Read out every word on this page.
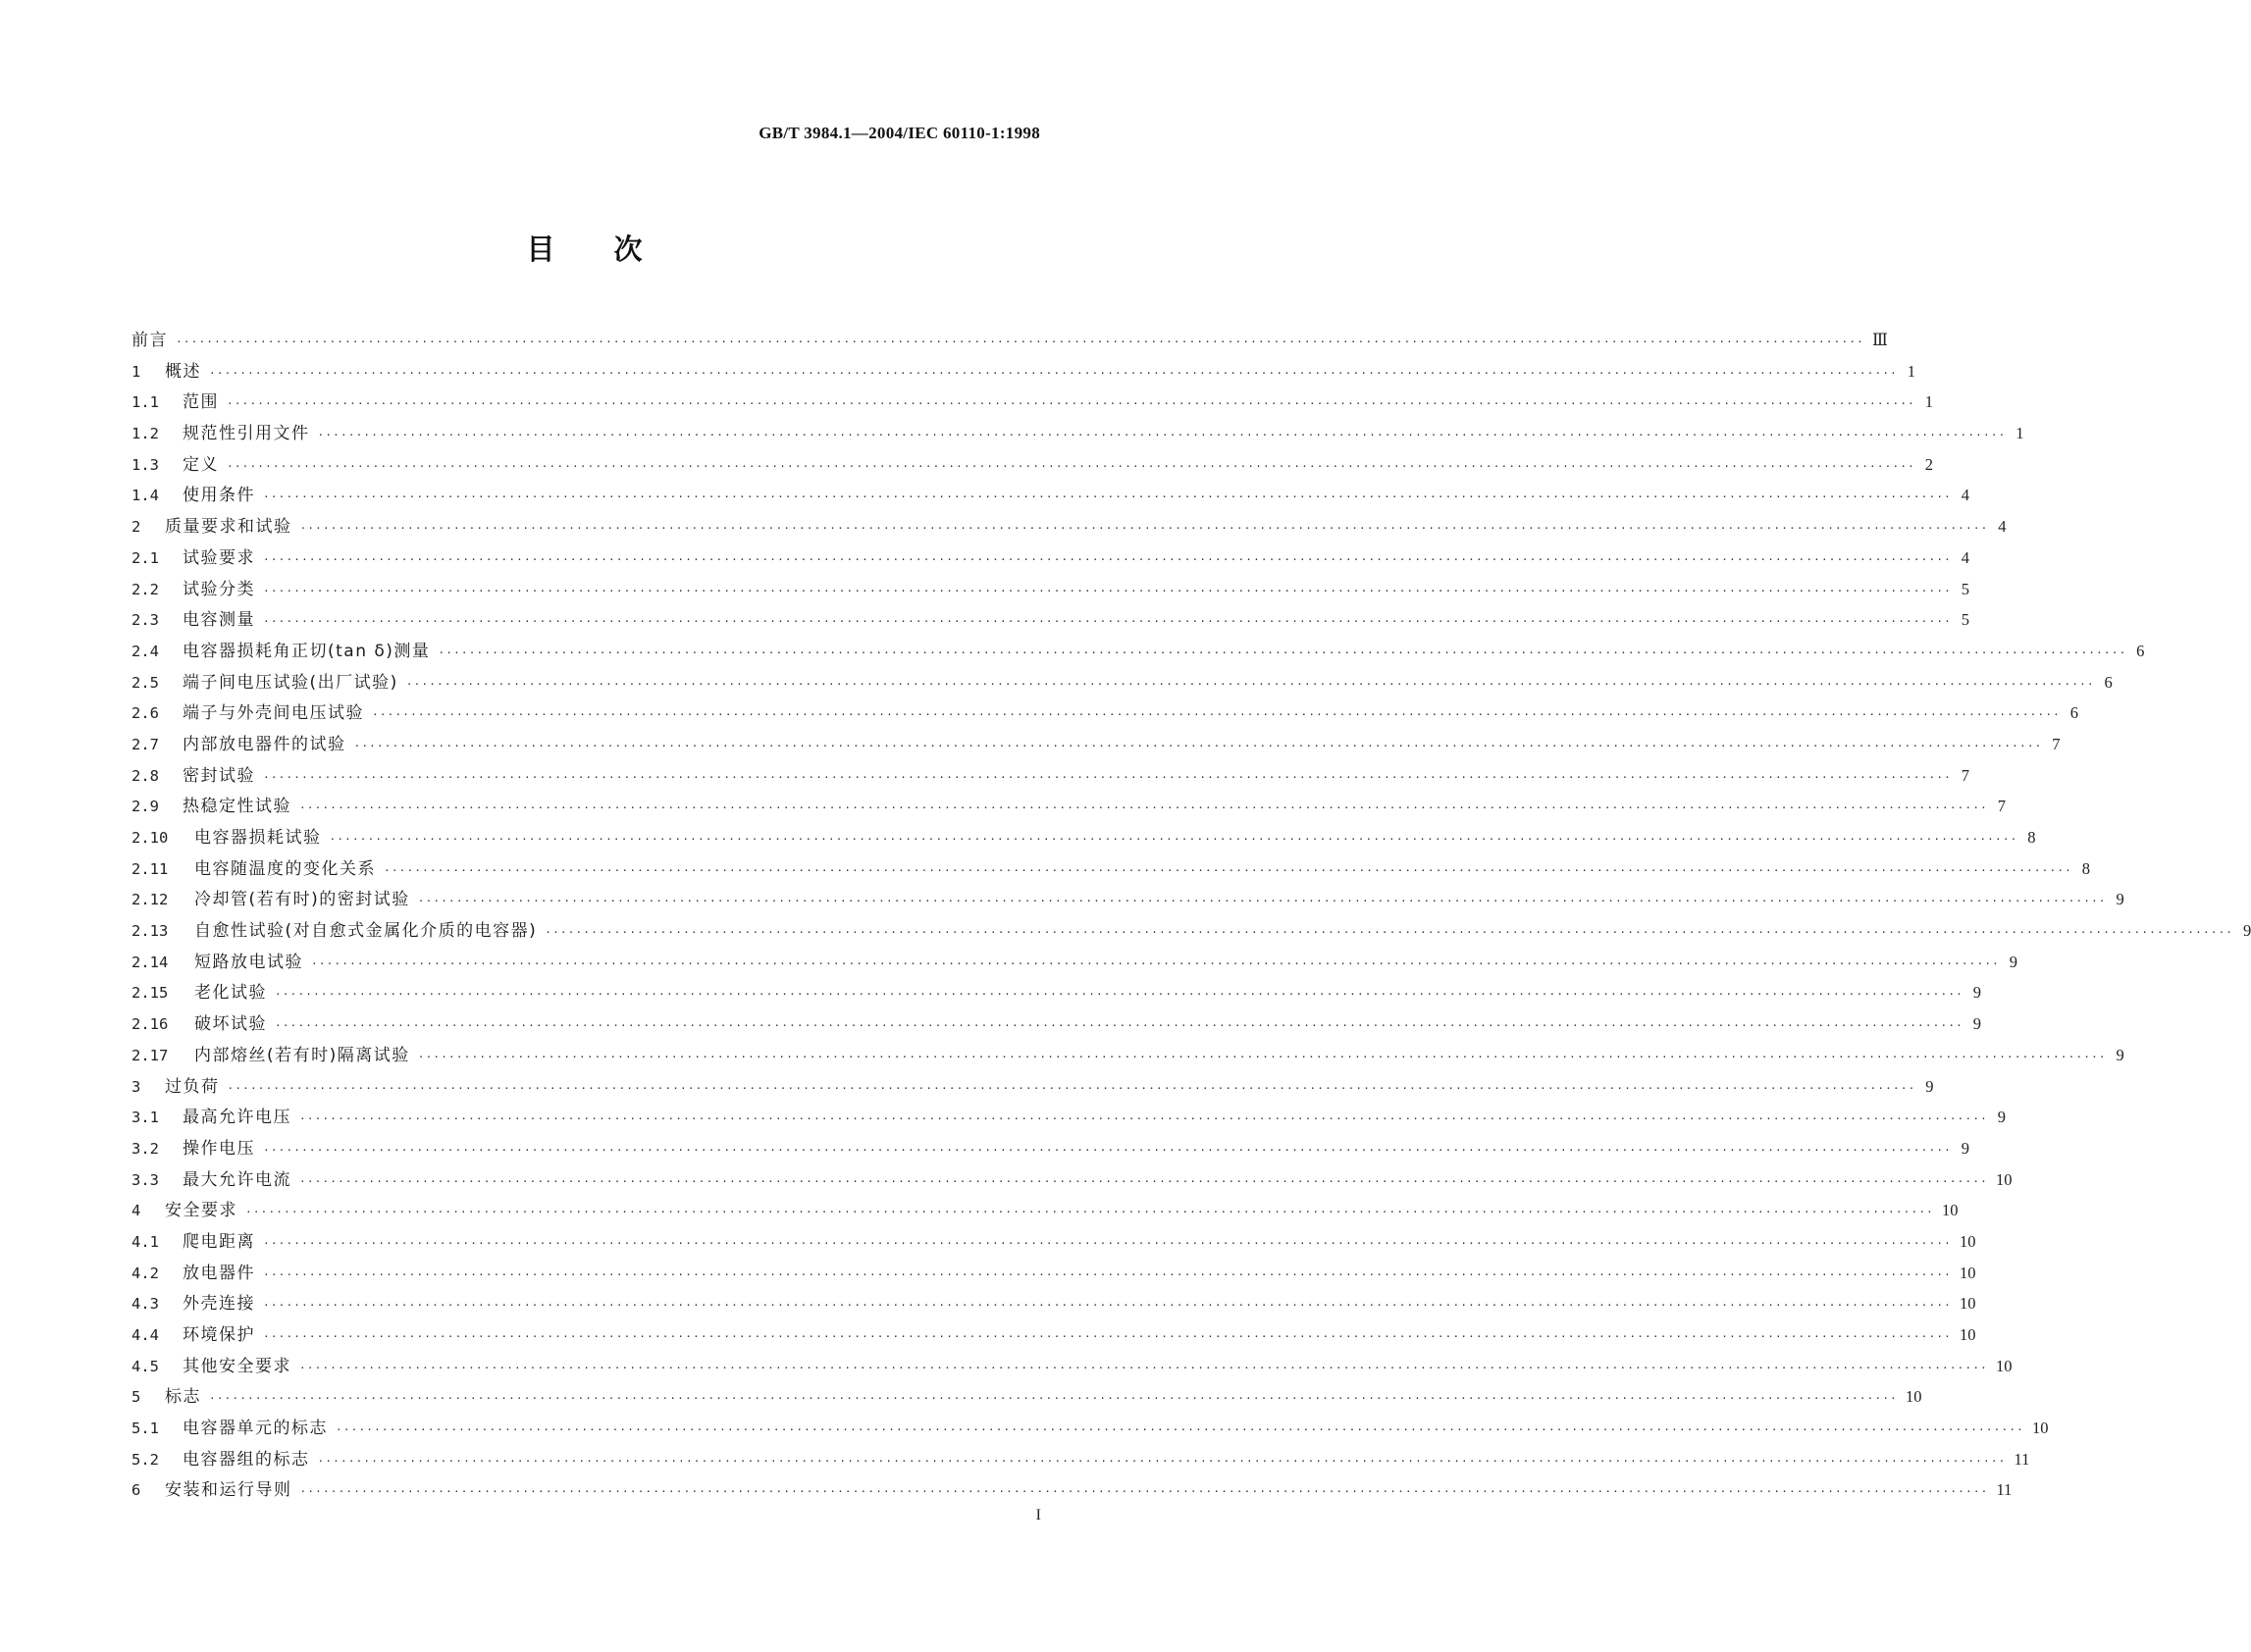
GB/T 3984.1—2004/IEC 60110-1:1998
目次
前言 ···························································································································································································································· Ⅲ
1	概述 ···························································································································································································································· 1
1.1	范围 ···························································································································································································································· 1
1.2	规范性引用文件 ···························································································································································································································· 1
1.3	定义 ···························································································································································································································· 2
1.4	使用条件 ···························································································································································································································· 4
2	质量要求和试验 ···························································································································································································································· 4
2.1	试验要求 ···························································································································································································································· 4
2.2	试验分类 ···························································································································································································································· 5
2.3	电容测量 ···························································································································································································································· 5
2.4	电容器损耗角正切(tan δ)测量 ···························································································································································································································· 6
2.5	端子间电压试验(出厂试验) ···························································································································································································································· 6
2.6	端子与外壳间电压试验 ···························································································································································································································· 6
2.7	内部放电器件的试验 ···························································································································································································································· 7
2.8	密封试验 ···························································································································································································································· 7
2.9	热稳定性试验 ···························································································································································································································· 7
2.10	电容器损耗试验 ···························································································································································································································· 8
2.11	电容随温度的变化关系 ···························································································································································································································· 8
2.12	冷却管(若有时)的密封试验 ···························································································································································································································· 9
2.13	自愈性试验(对自愈式金属化介质的电容器) ···························································································································································································································· 9
2.14	短路放电试验 ···························································································································································································································· 9
2.15	老化试验 ···························································································································································································································· 9
2.16	破坏试验 ···························································································································································································································· 9
2.17	内部熔丝(若有时)隔离试验 ···························································································································································································································· 9
3	过负荷 ···························································································································································································································· 9
3.1	最高允许电压 ···························································································································································································································· 9
3.2	操作电压 ···························································································································································································································· 9
3.3	最大允许电流 ···························································································································································································································· 10
4	安全要求 ···························································································································································································································· 10
4.1	爬电距离 ···························································································································································································································· 10
4.2	放电器件 ···························································································································································································································· 10
4.3	外壳连接 ···························································································································································································································· 10
4.4	环境保护 ···························································································································································································································· 10
4.5	其他安全要求 ···························································································································································································································· 10
5	标志 ···························································································································································································································· 10
5.1	电容器单元的标志 ···························································································································································································································· 10
5.2	电容器组的标志 ···························································································································································································································· 11
6	安装和运行导则 ···························································································································································································································· 11
I
